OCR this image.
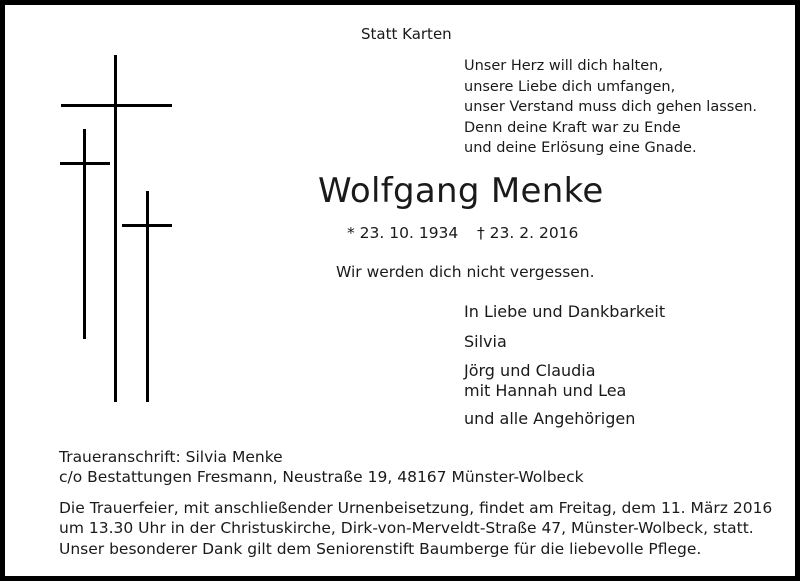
Statt Karten
Unser Herz will dich halten,
unsere Liebe dich umfangen,
unser Verstand muss dich gehen lassen.
Denn deine Kraft war zu Ende
und deine Erlösung eine Gnade.
Wolfgang Menke
* 23. 10. 1934 † 23. 2. 2016
Wir werden dich nicht vergessen.
In Liebe und Dankbarkeit
Silvia
Jörg und Claudia
mit Hannah und Lea
und alle Angehörigen
Traueranschrift: Silvia Menke
c/o Bestattungen Fresmann, Neustraße 19, 48167 Münster-Wolbeck
Die Trauerfeier, mit anschließender Urnenbeisetzung, findet am Freitag, dem 11. März 2016
um 13.30 Uhr in der Christuskirche, Dirk-von-Merveldt-Straße 47, Münster-Wolbeck, statt.
Unser besonderer Dank gilt dem Seniorenstift Baumberge für die liebevolle Pflege.
